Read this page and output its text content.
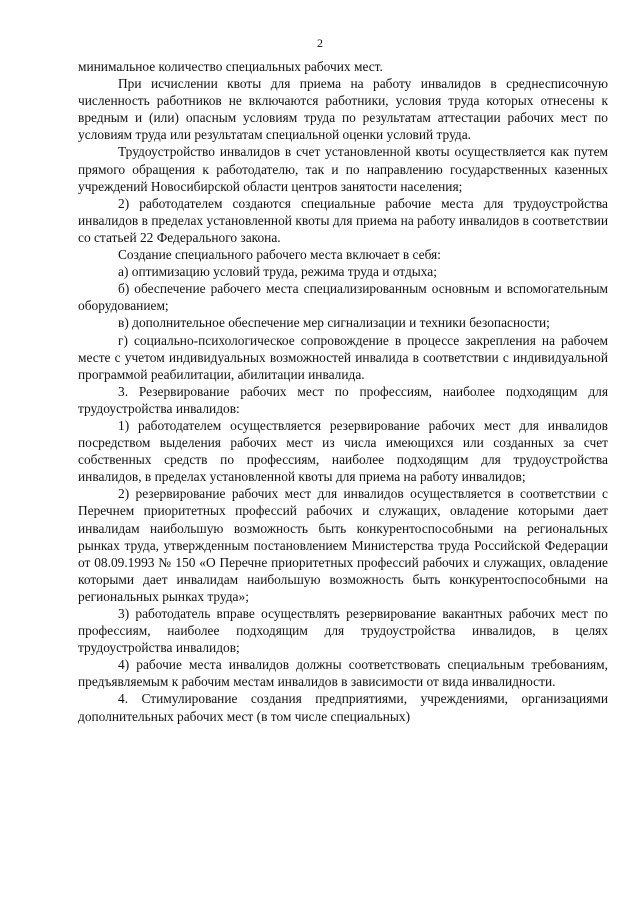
2

минимальное количество специальных рабочих мест.

При исчислении квоты для приема на работу инвалидов в среднесписочную численность работников не включаются работники, условия труда которых отнесены к вредным и (или) опасным условиям труда по результатам аттестации рабочих мест по условиям труда или результатам специальной оценки условий труда.

Трудоустройство инвалидов в счет установленной квоты осуществляется как путем прямого обращения к работодателю, так и по направлению государственных казенных учреждений Новосибирской области центров занятости населения;

2) работодателем создаются специальные рабочие места для трудоустройства инвалидов в пределах установленной квоты для приема на работу инвалидов в соответствии со статьей 22 Федерального закона.

Создание специального рабочего места включает в себя:

а) оптимизацию условий труда, режима труда и отдыха;

б) обеспечение рабочего места специализированным основным и вспомогательным оборудованием;

в) дополнительное обеспечение мер сигнализации и техники безопасности;

г) социально-психологическое сопровождение в процессе закрепления на рабочем месте с учетом индивидуальных возможностей инвалида в соответствии с индивидуальной программой реабилитации, абилитации инвалида.

3. Резервирование рабочих мест по профессиям, наиболее подходящим для трудоустройства инвалидов:

1) работодателем осуществляется резервирование рабочих мест для инвалидов посредством выделения рабочих мест из числа имеющихся или созданных за счет собственных средств по профессиям, наиболее подходящим для трудоустройства инвалидов, в пределах установленной квоты для приема на работу инвалидов;

2) резервирование рабочих мест для инвалидов осуществляется в соответствии с Перечнем приоритетных профессий рабочих и служащих, овладение которыми дает инвалидам наибольшую возможность быть конкурентоспособными на региональных рынках труда, утвержденным постановлением Министерства труда Российской Федерации от 08.09.1993 № 150 «О Перечне приоритетных профессий рабочих и служащих, овладение которыми дает инвалидам наибольшую возможность быть конкурентоспособными на региональных рынках труда»;

3) работодатель вправе осуществлять резервирование вакантных рабочих мест по профессиям, наиболее подходящим для трудоустройства инвалидов, в целях трудоустройства инвалидов;

4) рабочие места инвалидов должны соответствовать специальным требованиям, предъявляемым к рабочим местам инвалидов в зависимости от вида инвалидности.

4. Стимулирование создания предприятиями, учреждениями, организациями дополнительных рабочих мест (в том числе специальных)
